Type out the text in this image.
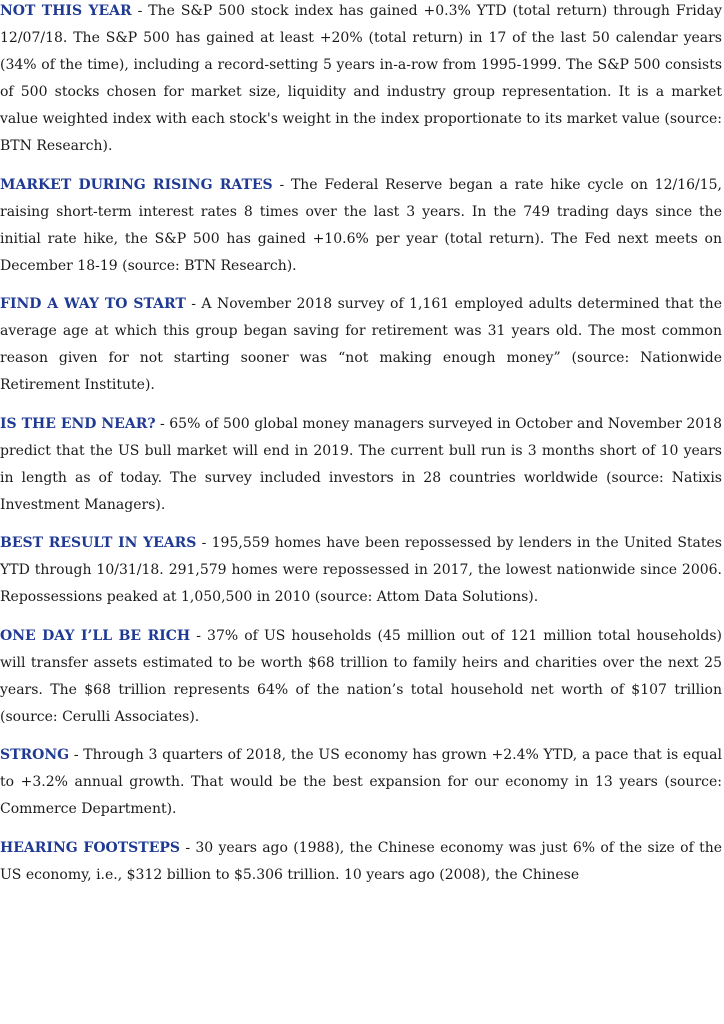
NOT THIS YEAR - The S&P 500 stock index has gained +0.3% YTD (total return) through Friday 12/07/18. The S&P 500 has gained at least +20% (total return) in 17 of the last 50 calendar years (34% of the time), including a record-setting 5 years in-a-row from 1995-1999. The S&P 500 consists of 500 stocks chosen for market size, liquidity and industry group representation. It is a market value weighted index with each stock's weight in the index proportionate to its market value (source: BTN Research).

MARKET DURING RISING RATES - The Federal Reserve began a rate hike cycle on 12/16/15, raising short-term interest rates 8 times over the last 3 years. In the 749 trading days since the initial rate hike, the S&P 500 has gained +10.6% per year (total return). The Fed next meets on December 18-19 (source: BTN Research).

FIND A WAY TO START - A November 2018 survey of 1,161 employed adults determined that the average age at which this group began saving for retirement was 31 years old. The most common reason given for not starting sooner was “not making enough money” (source: Nationwide Retirement Institute).

IS THE END NEAR? - 65% of 500 global money managers surveyed in October and November 2018 predict that the US bull market will end in 2019. The current bull run is 3 months short of 10 years in length as of today. The survey included investors in 28 countries worldwide (source: Natixis Investment Managers).

BEST RESULT IN YEARS - 195,559 homes have been repossessed by lenders in the United States YTD through 10/31/18. 291,579 homes were repossessed in 2017, the lowest nationwide since 2006. Repossessions peaked at 1,050,500 in 2010 (source: Attom Data Solutions).

ONE DAY I’LL BE RICH - 37% of US households (45 million out of 121 million total households) will transfer assets estimated to be worth $68 trillion to family heirs and charities over the next 25 years. The $68 trillion represents 64% of the nation’s total household net worth of $107 trillion (source: Cerulli Associates).

STRONG - Through 3 quarters of 2018, the US economy has grown +2.4% YTD, a pace that is equal to +3.2% annual growth. That would be the best expansion for our economy in 13 years (source: Commerce Department).

HEARING FOOTSTEPS - 30 years ago (1988), the Chinese economy was just 6% of the size of the US economy, i.e., $312 billion to $5.306 trillion. 10 years ago (2008), the Chinese
